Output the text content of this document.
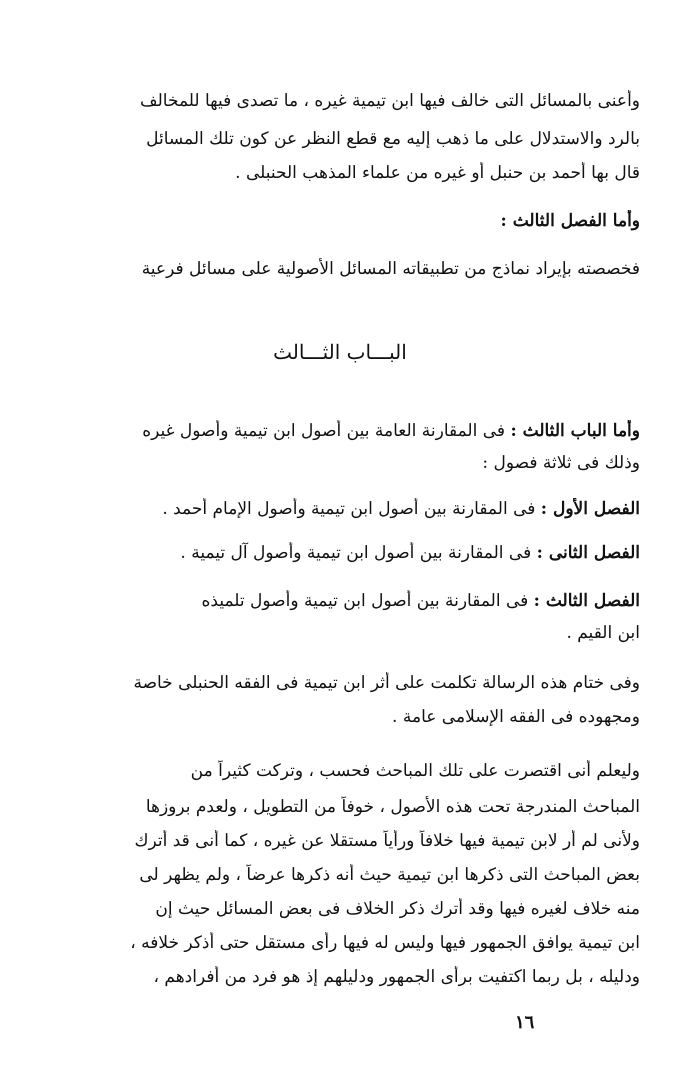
وأعنى بالمسائل التى خالف فيها ابن تيمية غيره ، ما تصدى فيها للمخالف
بالرد والاستدلال على ما ذهب إليه مع قطع النظر عن كون تلك المسائل
قال بها أحمد بن حنبل أو غيره من علماء المذهب الحنبلى .
وأما الفصل الثالث :
فخصصته بإيراد نماذج من تطبيقاته المسائل الأصولية على مسائل فرعية
البـــاب الثـــالث
وأما الباب الثالث : فى المقارنة العامة بين أصول ابن تيمية وأصول غيره
وذلك فى ثلاثة فصول :
الفصل الأول : فى المقارنة بين أصول ابن تيمية وأصول الإمام أحمد .
الفصل الثانى : فى المقارنة بين أصول ابن تيمية وأصول آل تيمية .
الفصل الثالث : فى المقارنة بين أصول ابن تيمية وأصول تلميذه
ابن القيم .
وفى ختام هذه الرسالة تكلمت على أثر ابن تيمية فى الفقه الحنبلى خاصة
ومجهوده فى الفقه الإسلامى عامة .
وليعلم أنى اقتصرت على تلك المباحث فحسب ، وتركت كثيراً من
المباحث المندرجة تحت هذه الأصول ، خوفاً من التطويل ، ولعدم بروزها
ولأنى لم أر لابن تيمية فيها خلافاً ورأياً مستقلا عن غيره ، كما أنى قد أترك
بعض المباحث التى ذكرها ابن تيمية حيث أنه ذكرها عرضاً ، ولم يظهر لى
منه خلاف لغيره فيها وقد أترك ذكر الخلاف فى بعض المسائل حيث إن
ابن تيمية يوافق الجمهور فيها وليس له فيها رأى مستقل حتى أذكر خلافه ،
ودليله ، بل ربما اكتفيت برأى الجمهور ودليلهم إذ هو فرد من أفرادهم ،
١٦
